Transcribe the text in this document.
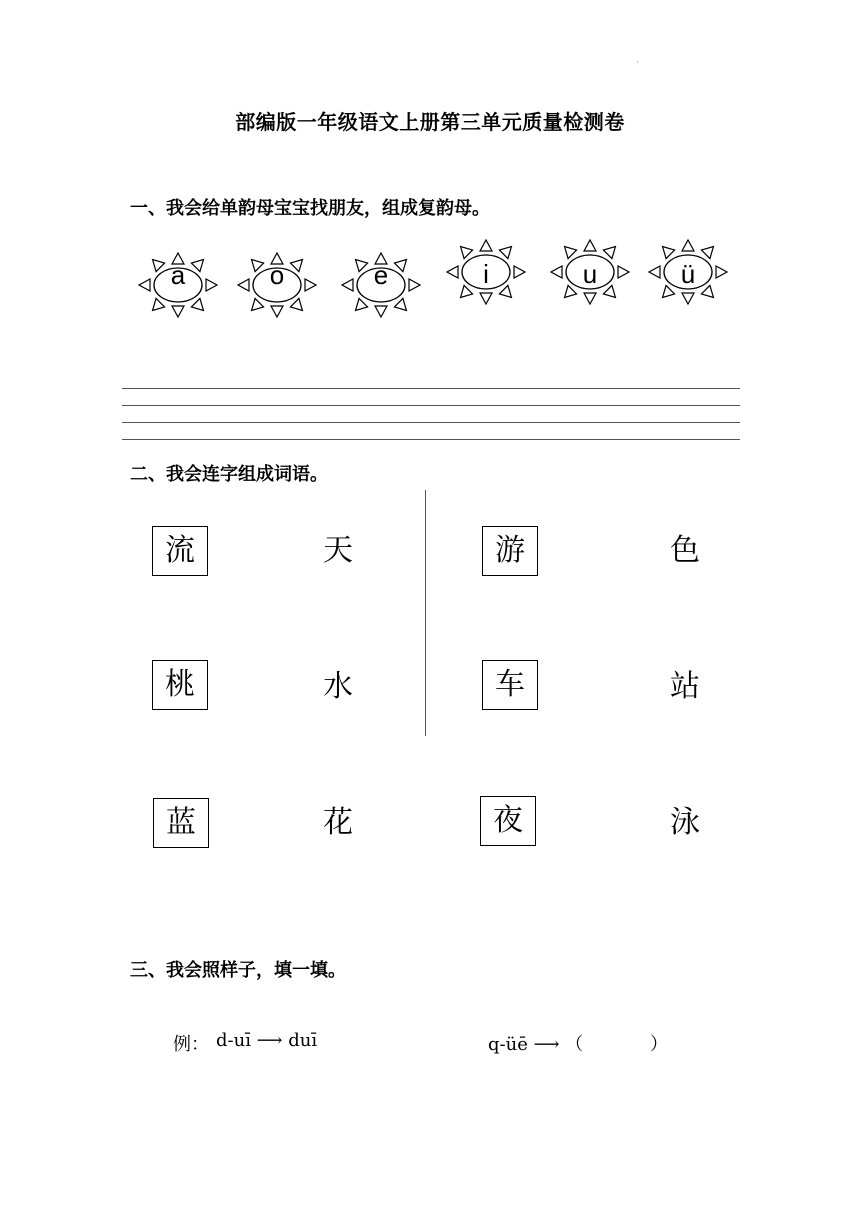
·
部编版一年级语文上册第三单元质量检测卷
一、我会给单韵母宝宝找朋友，组成复韵母。
a	o	e	i	u	ü
二、我会连字组成词语。
流	天	游	色
桃	水	车	站
蓝	花	夜	泳
三、我会照样子，填一填。
例： d-uī ⟶ duī	q-üē ⟶ （	）
